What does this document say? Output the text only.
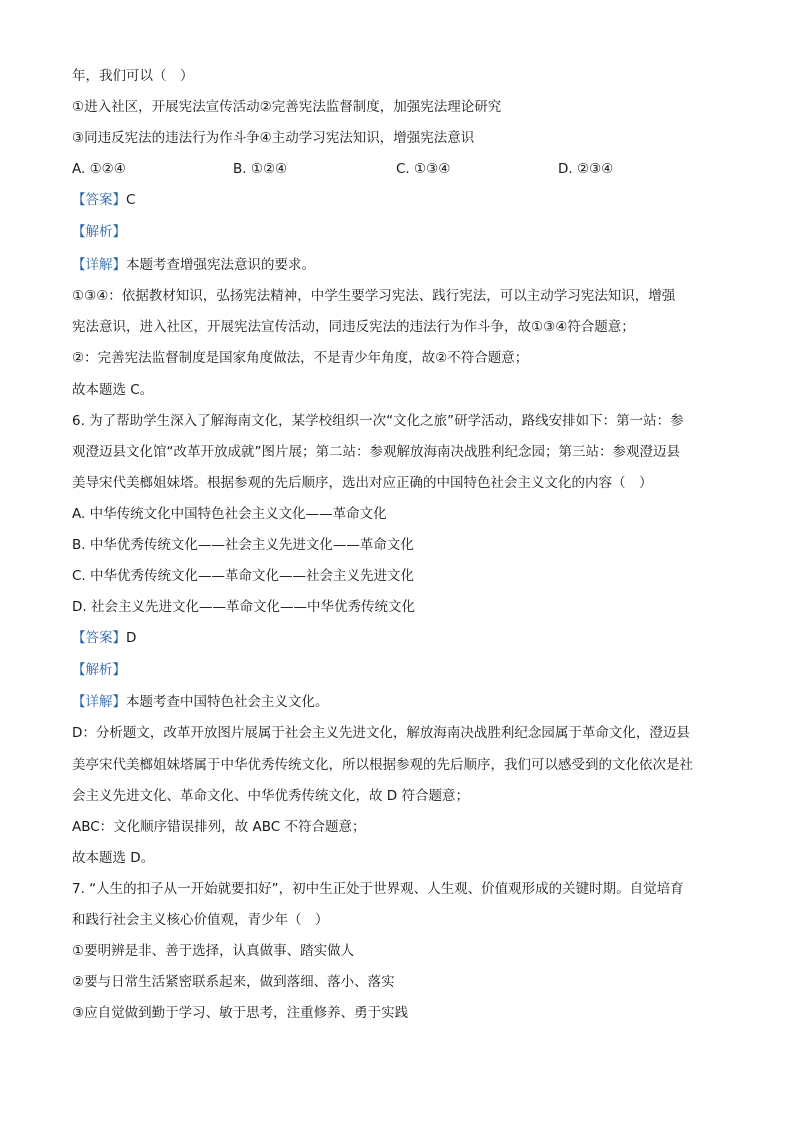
年，我们可以（　）
①进入社区，开展宪法宣传活动②完善宪法监督制度，加强宪法理论研究
③同违反宪法的违法行为作斗争④主动学习宪法知识，增强宪法意识
A. ①②④	B. ①②④	C. ①③④	D. ②③④
【答案】C
【解析】
【详解】本题考查增强宪法意识的要求。
①③④：依据教材知识，弘扬宪法精神，中学生要学习宪法、践行宪法，可以主动学习宪法知识，增强
宪法意识，进入社区，开展宪法宣传活动，同违反宪法的违法行为作斗争，故①③④符合题意；
②：完善宪法监督制度是国家角度做法，不是青少年角度，故②不符合题意；
故本题选 C。
6. 为了帮助学生深入了解海南文化，某学校组织一次“文化之旅”研学活动，路线安排如下：第一站：参
观澄迈县文化馆“改革开放成就”图片展；第二站：参观解放海南决战胜利纪念园；第三站：参观澄迈县
美导宋代美榔姐妹塔。根据参观的先后顺序，选出对应正确的中国特色社会主义文化的内容（　）
A. 中华传统文化中国特色社会主义文化——革命文化
B. 中华优秀传统文化——社会主义先进文化——革命文化
C. 中华优秀传统文化——革命文化——社会主义先进文化
D. 社会主义先进文化——革命文化——中华优秀传统文化
【答案】D
【解析】
【详解】本题考查中国特色社会主义文化。
D：分析题文，改革开放图片展属于社会主义先进文化，解放海南决战胜利纪念园属于革命文化，澄迈县
美亭宋代美榔姐妹塔属于中华优秀传统文化，所以根据参观的先后顺序，我们可以感受到的文化依次是社
会主义先进文化、革命文化、中华优秀传统文化，故 D 符合题意；
ABC：文化顺序错误排列，故 ABC 不符合题意；
故本题选 D。
7. “人生的扣子从一开始就要扣好”，初中生正处于世界观、人生观、价值观形成的关键时期。自觉培育
和践行社会主义核心价值观，青少年（　）
①要明辨是非、善于选择，认真做事、踏实做人
②要与日常生活紧密联系起来，做到落细、落小、落实
③应自觉做到勤于学习、敏于思考，注重修养、勇于实践
